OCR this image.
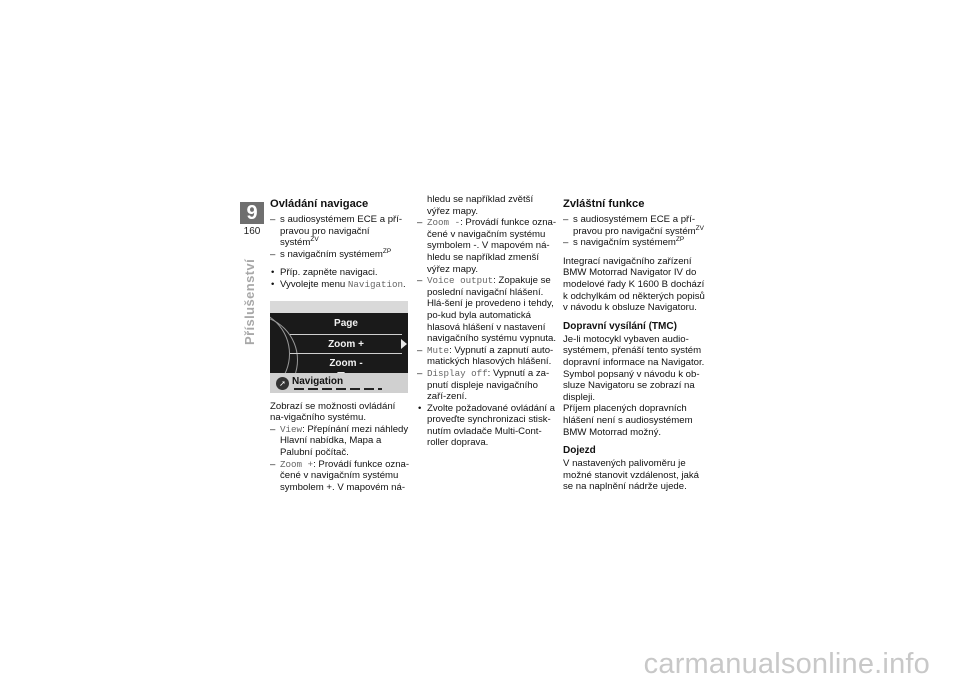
9
160
Příslušenství
Ovládání navigace
– s audiosystémem ECE a pří-pravou pro navigační systém$^{ZV}$
– s navigačním systémem$^{ZP}$
• Příp. zapněte navigaci.
• Vyvolejte menu Navigation.
Page
Zoom +
Zoom -
Navigation
➚
Zobrazí se možnosti ovládání na-vigačního systému.
– View: Přepínání mezi náhledy Hlavní nabídka, Mapa a Palubní počítač.
– Zoom +: Provádí funkce ozna-čené v navigačním systému symbolem +. V mapovém ná-
hledu se například zvětší výřez mapy.
– Zoom -: Provádí funkce ozna-čené v navigačním systému symbolem -. V mapovém ná-hledu se například zmenší výřez mapy.
– Voice output: Zopakuje se poslední navigační hlášení. Hlá-šení je provedeno i tehdy, po-kud byla automatická hlasová hlášení v nastavení navigačního systému vypnuta.
– Mute: Vypnutí a zapnutí auto-matických hlasových hlášení.
– Display off: Vypnutí a za-pnutí displeje navigačního zaří-zení.
• Zvolte požadované ovládání a proveďte synchronizaci stisk-nutím ovladače Multi-Cont-roller doprava.
Zvláštní funkce
– s audiosystémem ECE a pří-pravou pro navigační systém$^{ZV}$
– s navigačním systémem$^{ZP}$
Integrací navigačního zařízení BMW Motorrad Navigator IV do modelové řady K 1600 B dochází k odchylkám od některých popisů v návodu k obsluze Navigatoru.
Dopravní vysílání (TMC)
Je-li motocykl vybaven audio-systémem, přenáší tento systém dopravní informace na Navigator. Symbol popsaný v návodu k ob-sluze Navigatoru se zobrazí na displeji.
Příjem placených dopravních hlášení není s audiosystémem BMW Motorrad možný.
Dojezd
V nastavených palivoměru je možné stanovit vzdálenost, jaká se na naplnění nádrže ujede.
carmanualsonline.info
